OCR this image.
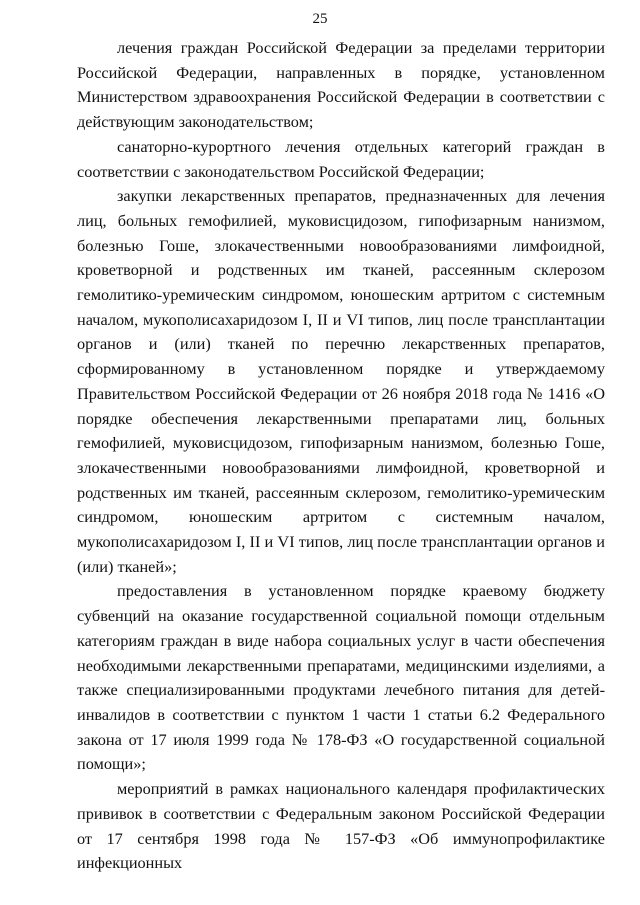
25

лечения граждан Российской Федерации за пределами территории Российской Федерации, направленных в порядке, установленном Министерством здравоохранения Российской Федерации в соответствии с действующим законодательством;

санаторно-курортного лечения отдельных категорий граждан в соответствии с законодательством Российской Федерации;

закупки лекарственных препаратов, предназначенных для лечения лиц, больных гемофилией, муковисцидозом, гипофизарным нанизмом, болезнью Гоше, злокачественными новообразованиями лимфоидной, кроветворной и родственных им тканей, рассеянным склерозом гемолитико-уремическим синдромом, юношеским артритом с системным началом, мукополисахаридозом I, II и VI типов, лиц после трансплантации органов и (или) тканей по перечню лекарственных препаратов, сформированному в установленном порядке и утверждаемому Правительством Российской Федерации от 26 ноября 2018 года № 1416 «О порядке обеспечения лекарственными препаратами лиц, больных гемофилией, муковисцидозом, гипофизарным нанизмом, болезнью Гоше, злокачественными новообразованиями лимфоидной, кроветворной и родственных им тканей, рассеянным склерозом, гемолитико-уремическим синдромом, юношеским артритом с системным началом, мукополисахаридозом I, II и VI типов, лиц после трансплантации органов и (или) тканей»;

предоставления в установленном порядке краевому бюджету субвенций на оказание государственной социальной помощи отдельным категориям граждан в виде набора социальных услуг в части обеспечения необходимыми лекарственными препаратами, медицинскими изделиями, а также специализированными продуктами лечебного питания для детей-инвалидов в соответствии с пунктом 1 части 1 статьи 6.2 Федерального закона от 17 июля 1999 года № 178-ФЗ «О государственной социальной помощи»;

мероприятий в рамках национального календаря профилактических прививок в соответствии с Федеральным законом Российской Федерации от 17 сентября 1998 года № 157-ФЗ «Об иммунопрофилактике инфекционных
